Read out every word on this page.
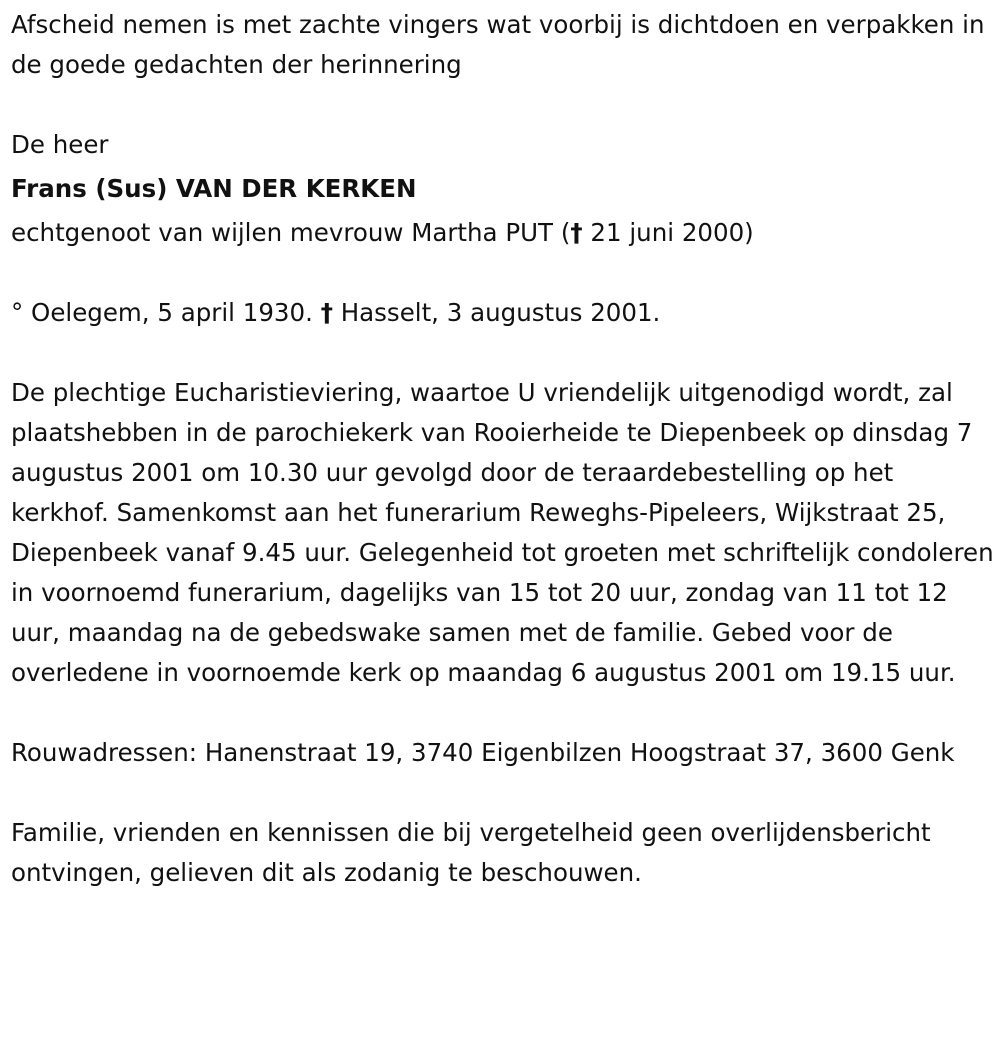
Afscheid nemen is met zachte vingers wat voorbij is dichtdoen en verpakken in de goede gedachten der herinnering

De heer

Frans (Sus) VAN DER KERKEN

echtgenoot van wijlen mevrouw Martha PUT († 21 juni 2000)

° Oelegem, 5 april 1930. † Hasselt, 3 augustus 2001.

De plechtige Eucharistieviering, waartoe U vriendelijk uitgenodigd wordt, zal plaatshebben in de parochiekerk van Rooierheide te Diepenbeek op dinsdag 7 augustus 2001 om 10.30 uur gevolgd door de teraardebestelling op het kerkhof. Samenkomst aan het funerarium Reweghs-Pipeleers, Wijkstraat 25, Diepenbeek vanaf 9.45 uur. Gelegenheid tot groeten met schriftelijk condoleren in voornoemd funerarium, dagelijks van 15 tot 20 uur, zondag van 11 tot 12 uur, maandag na de gebedswake samen met de familie. Gebed voor de overledene in voornoemde kerk op maandag 6 augustus 2001 om 19.15 uur.

Rouwadressen: Hanenstraat 19, 3740 Eigenbilzen Hoogstraat 37, 3600 Genk

Familie, vrienden en kennissen die bij vergetelheid geen overlijdensbericht ontvingen, gelieven dit als zodanig te beschouwen.
